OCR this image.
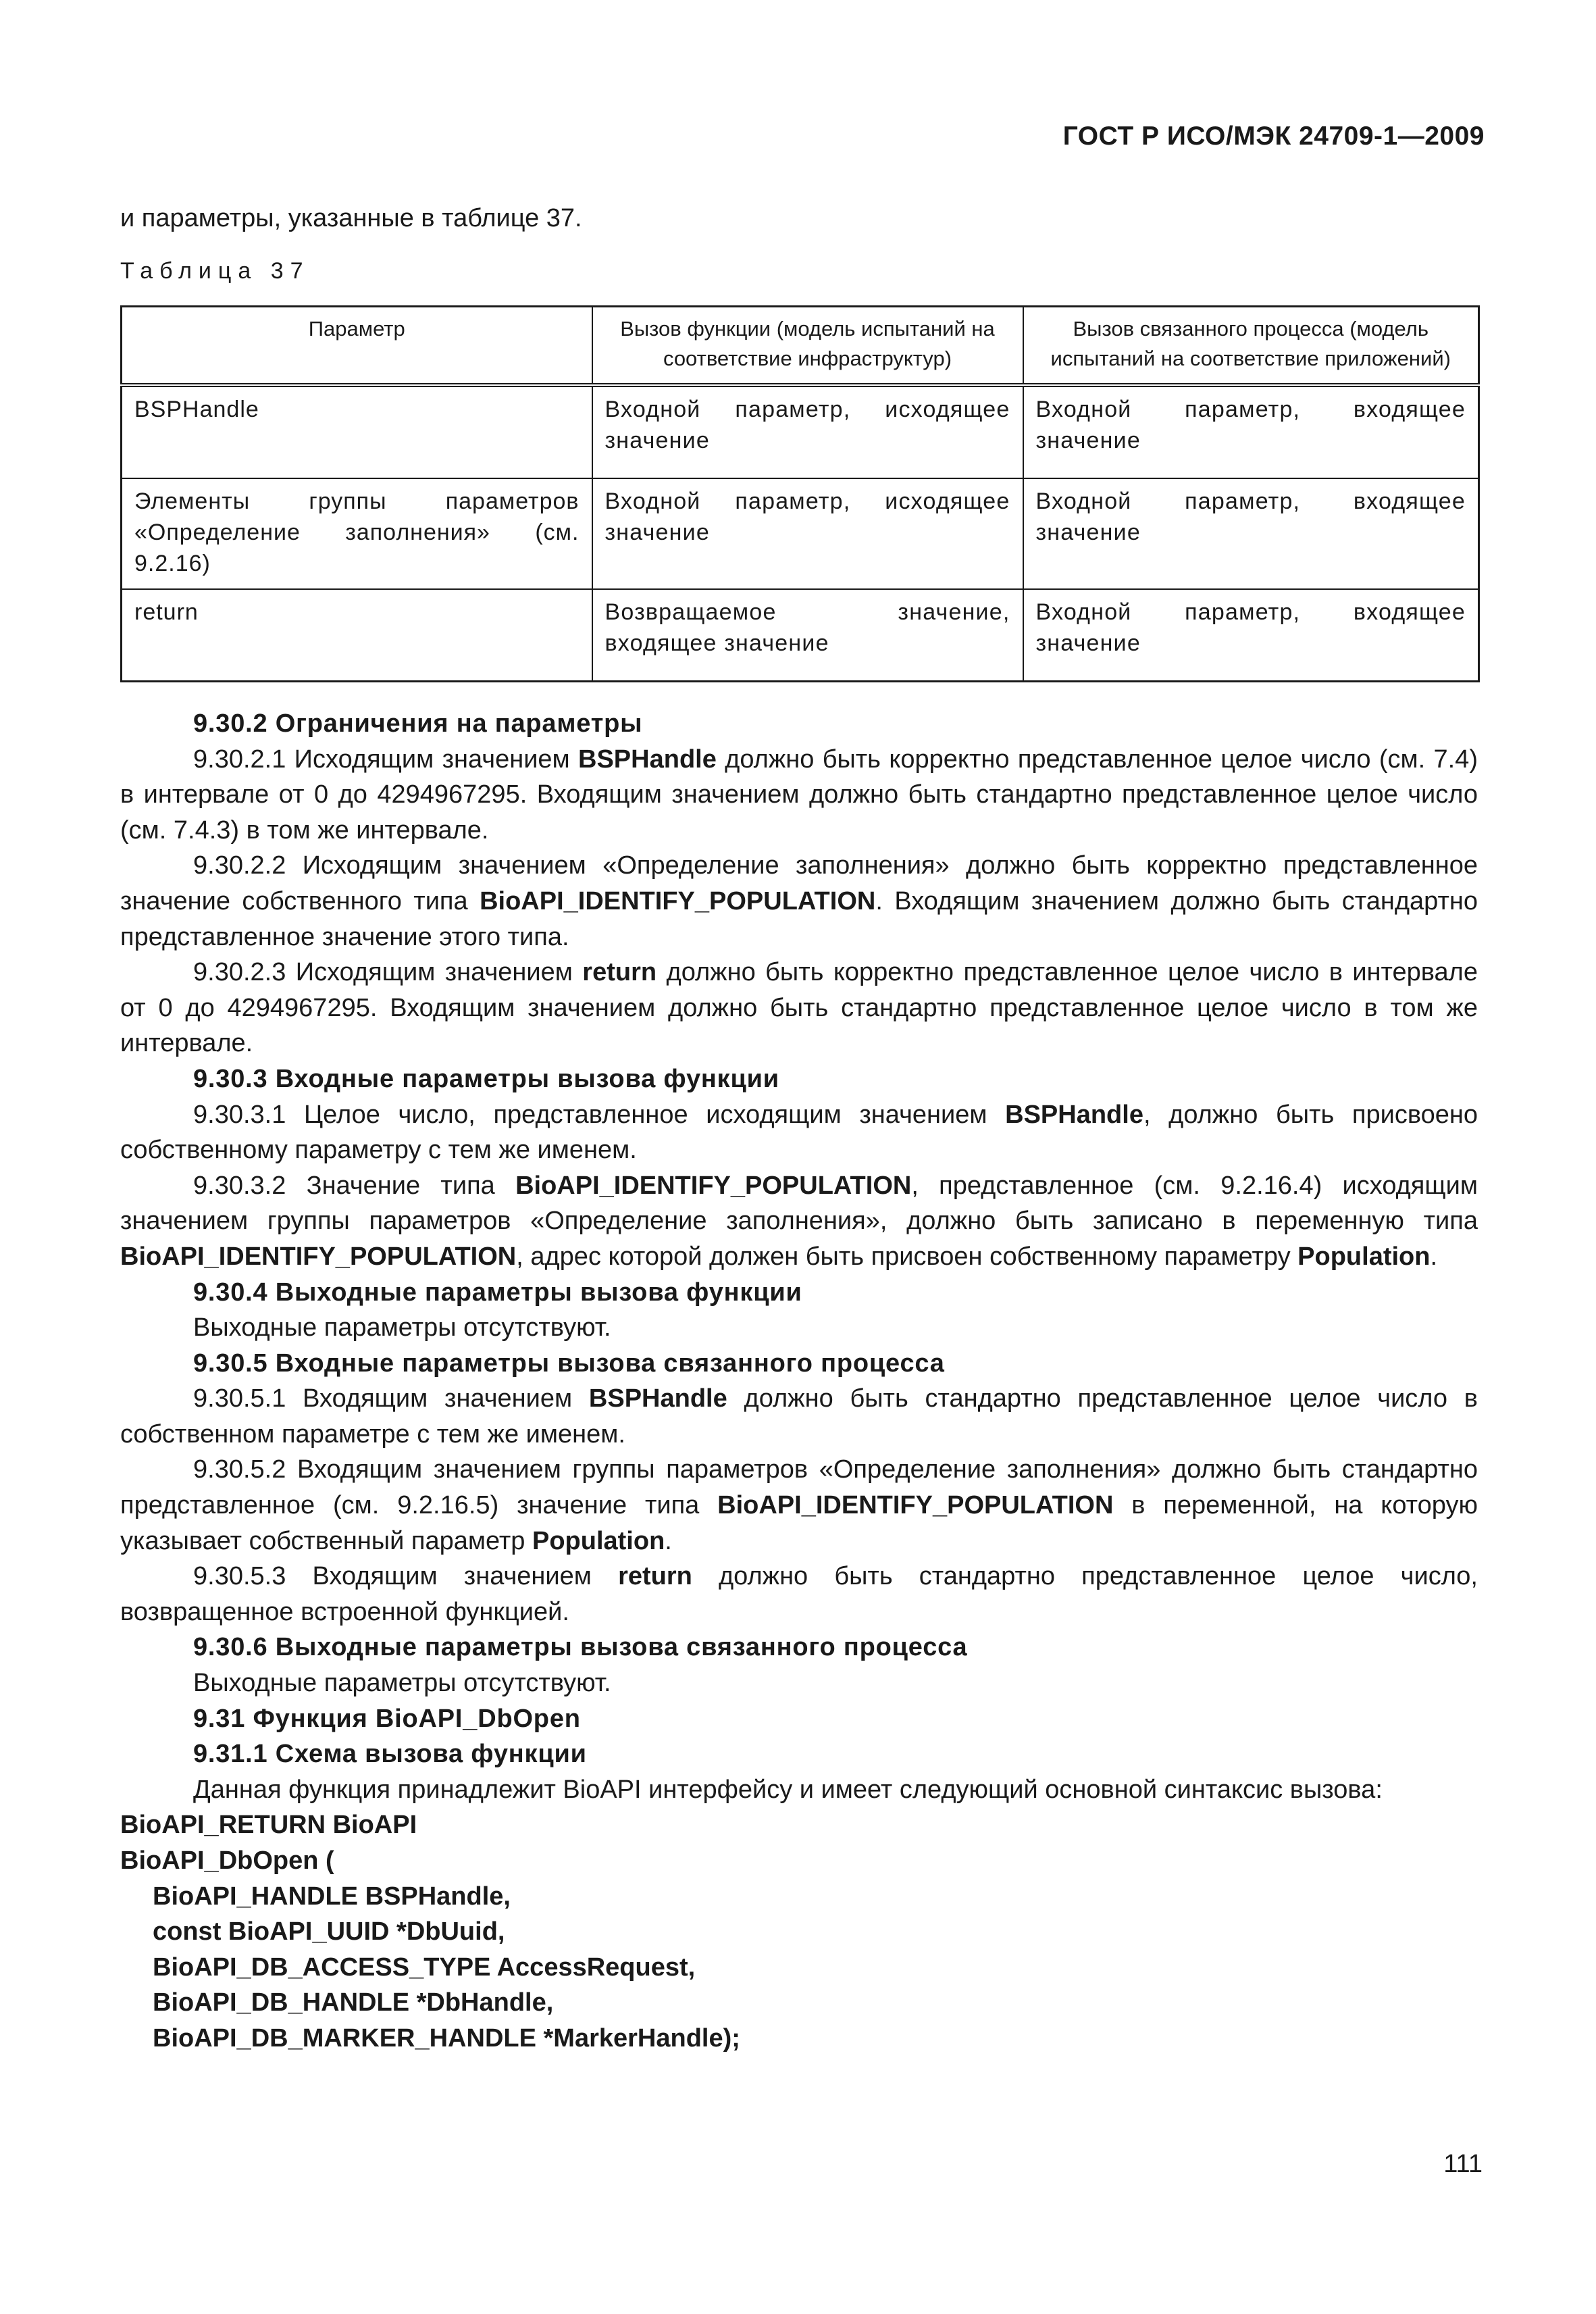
ГОСТ Р ИСО/МЭК 24709-1—2009
и параметры, указанные в таблице 37.
Таблица 37
Параметр	Вызов функции (модель испытаний на соответствие инфраструктур)	Вызов связанного процесса (модель испытаний на соответствие приложений)
BSPHandle	Входной параметр, исходящее значение	Входной параметр, входящее значение
Элементы группы параметров «Определение заполнения» (см. 9.2.16)	Входной параметр, исходящее значение	Входной параметр, входящее значение
return	Возвращаемое значение, входящее значение	Входной параметр, входящее значение

9.30.2 Ограничения на параметры

9.30.2.1 Исходящим значением BSPHandle должно быть корректно представленное целое число (см. 7.4) в интервале от 0 до 4294967295. Входящим значением должно быть стандартно представленное целое число (см. 7.4.3) в том же интервале.

9.30.2.2 Исходящим значением «Определение заполнения» должно быть корректно представленное значение собственного типа BioAPI_IDENTIFY_POPULATION. Входящим значением должно быть стандартно представленное значение этого типа.

9.30.2.3 Исходящим значением return должно быть корректно представленное целое число в интервале от 0 до 4294967295. Входящим значением должно быть стандартно представленное целое число в том же интервале.

9.30.3 Входные параметры вызова функции

9.30.3.1 Целое число, представленное исходящим значением BSPHandle, должно быть присвоено собственному параметру с тем же именем.

9.30.3.2 Значение типа BioAPI_IDENTIFY_POPULATION, представленное (см. 9.2.16.4) исходящим значением группы параметров «Определение заполнения», должно быть записано в переменную типа BioAPI_IDENTIFY_POPULATION, адрес которой должен быть присвоен собственному параметру Population.

9.30.4 Выходные параметры вызова функции

Выходные параметры отсутствуют.

9.30.5 Входные параметры вызова связанного процесса

9.30.5.1 Входящим значением BSPHandle должно быть стандартно представленное целое число в собственном параметре с тем же именем.

9.30.5.2 Входящим значением группы параметров «Определение заполнения» должно быть стандартно представленное (см. 9.2.16.5) значение типа BioAPI_IDENTIFY_POPULATION в переменной, на которую указывает собственный параметр Population.

9.30.5.3 Входящим значением return должно быть стандартно представленное целое число, возвращенное встроенной функцией.

9.30.6 Выходные параметры вызова связанного процесса

Выходные параметры отсутствуют.

9.31 Функция BioAPI_DbOpen

9.31.1 Схема вызова функции

Данная функция принадлежит BioAPI интерфейсу и имеет следующий основной синтаксис вызова:

BioAPI_RETURN BioAPI

BioAPI_DbOpen (

BioAPI_HANDLE BSPHandle,

const BioAPI_UUID *DbUuid,

BioAPI_DB_ACCESS_TYPE AccessRequest,

BioAPI_DB_HANDLE *DbHandle,

BioAPI_DB_MARKER_HANDLE *MarkerHandle);

111
